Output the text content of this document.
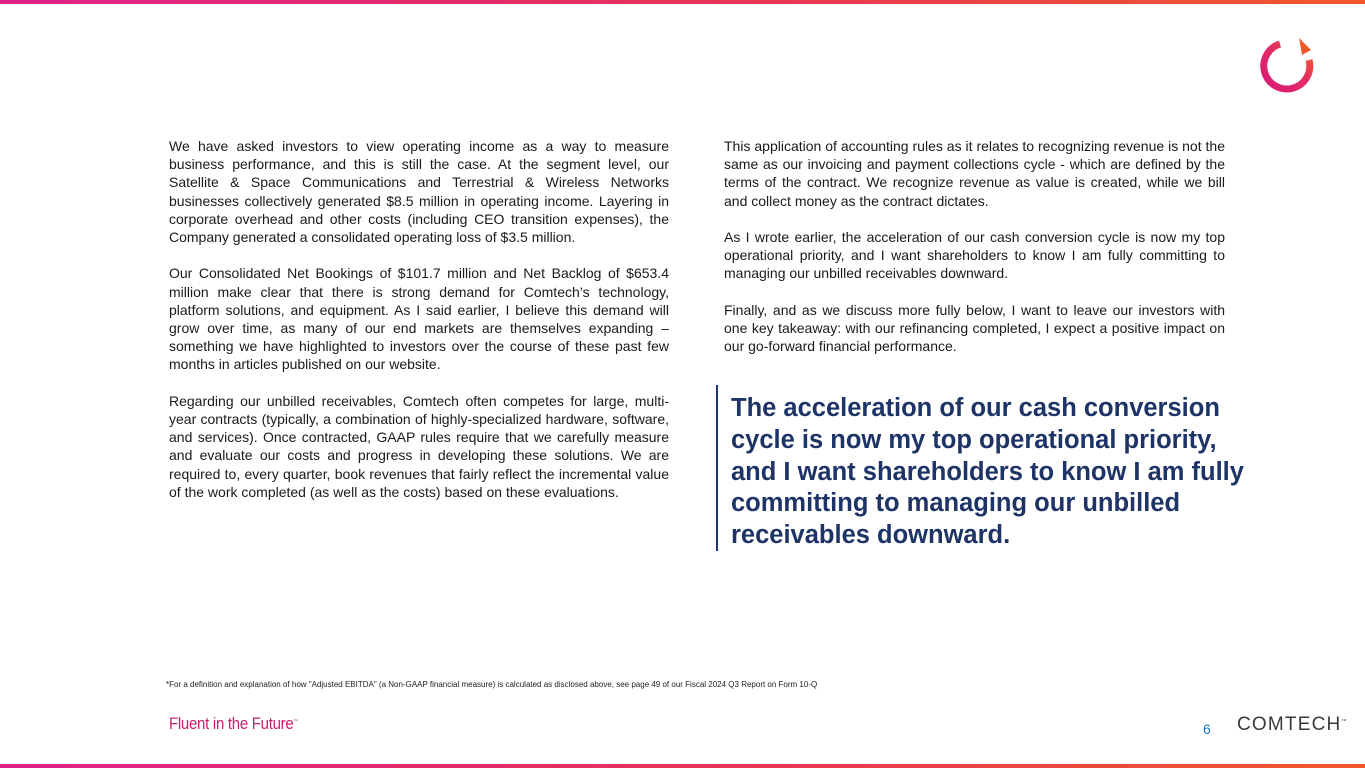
We have asked investors to view operating income as a way to measure business performance, and this is still the case. At the segment level, our Satellite & Space Communications and Terrestrial & Wireless Networks businesses collectively generated $8.5 million in operating income. Layering in corporate overhead and other costs (including CEO transition expenses), the Company generated a consolidated operating loss of $3.5 million.

Our Consolidated Net Bookings of $101.7 million and Net Backlog of $653.4 million make clear that there is strong demand for Comtech’s technology, platform solutions, and equipment. As I said earlier, I believe this demand will grow over time, as many of our end markets are themselves expanding – something we have highlighted to investors over the course of these past few months in articles published on our website.

Regarding our unbilled receivables, Comtech often competes for large, multi-year contracts (typically, a combination of highly-specialized hardware, software, and services). Once contracted, GAAP rules require that we carefully measure and evaluate our costs and progress in developing these solutions. We are required to, every quarter, book revenues that fairly reflect the incremental value of the work completed (as well as the costs) based on these evaluations.

This application of accounting rules as it relates to recognizing revenue is not the same as our invoicing and payment collections cycle - which are defined by the terms of the contract. We recognize revenue as value is created, while we bill and collect money as the contract dictates.

As I wrote earlier, the acceleration of our cash conversion cycle is now my top operational priority, and I want shareholders to know I am fully committing to managing our unbilled receivables downward.

Finally, and as we discuss more fully below, I want to leave our investors with one key takeaway: with our refinancing completed, I expect a positive impact on our go-forward financial performance.

The acceleration of our cash conversion cycle is now my top operational priority, and I want shareholders to know I am fully committing to managing our unbilled receivables downward.
*For a definition and explanation of how "Adjusted EBITDA" (a Non-GAAP financial measure) is calculated as disclosed above, see page 49 of our Fiscal 2024 Q3 Report on Form 10-Q
Fluent in the Future™	6 COMTECH™
